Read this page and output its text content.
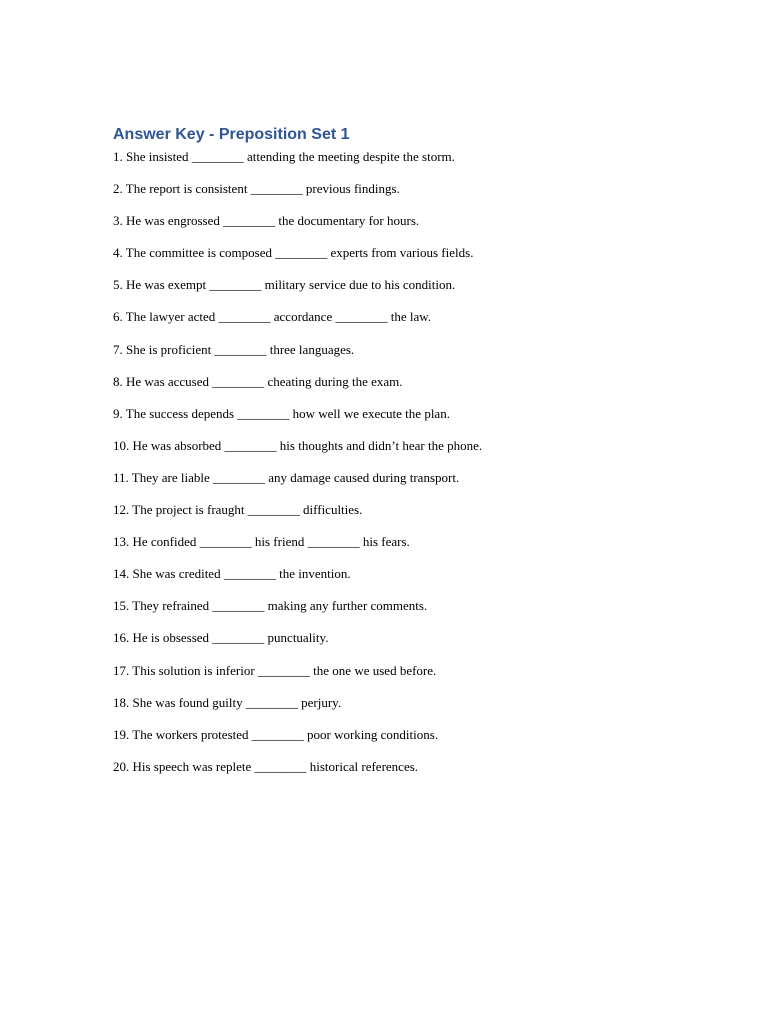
Answer Key - Preposition Set 1
1. She insisted ________ attending the meeting despite the storm.
2. The report is consistent ________ previous findings.
3. He was engrossed ________ the documentary for hours.
4. The committee is composed ________ experts from various fields.
5. He was exempt ________ military service due to his condition.
6. The lawyer acted ________ accordance ________ the law.
7. She is proficient ________ three languages.
8. He was accused ________ cheating during the exam.
9. The success depends ________ how well we execute the plan.
10. He was absorbed ________ his thoughts and didn’t hear the phone.
11. They are liable ________ any damage caused during transport.
12. The project is fraught ________ difficulties.
13. He confided ________ his friend ________ his fears.
14. She was credited ________ the invention.
15. They refrained ________ making any further comments.
16. He is obsessed ________ punctuality.
17. This solution is inferior ________ the one we used before.
18. She was found guilty ________ perjury.
19. The workers protested ________ poor working conditions.
20. His speech was replete ________ historical references.
